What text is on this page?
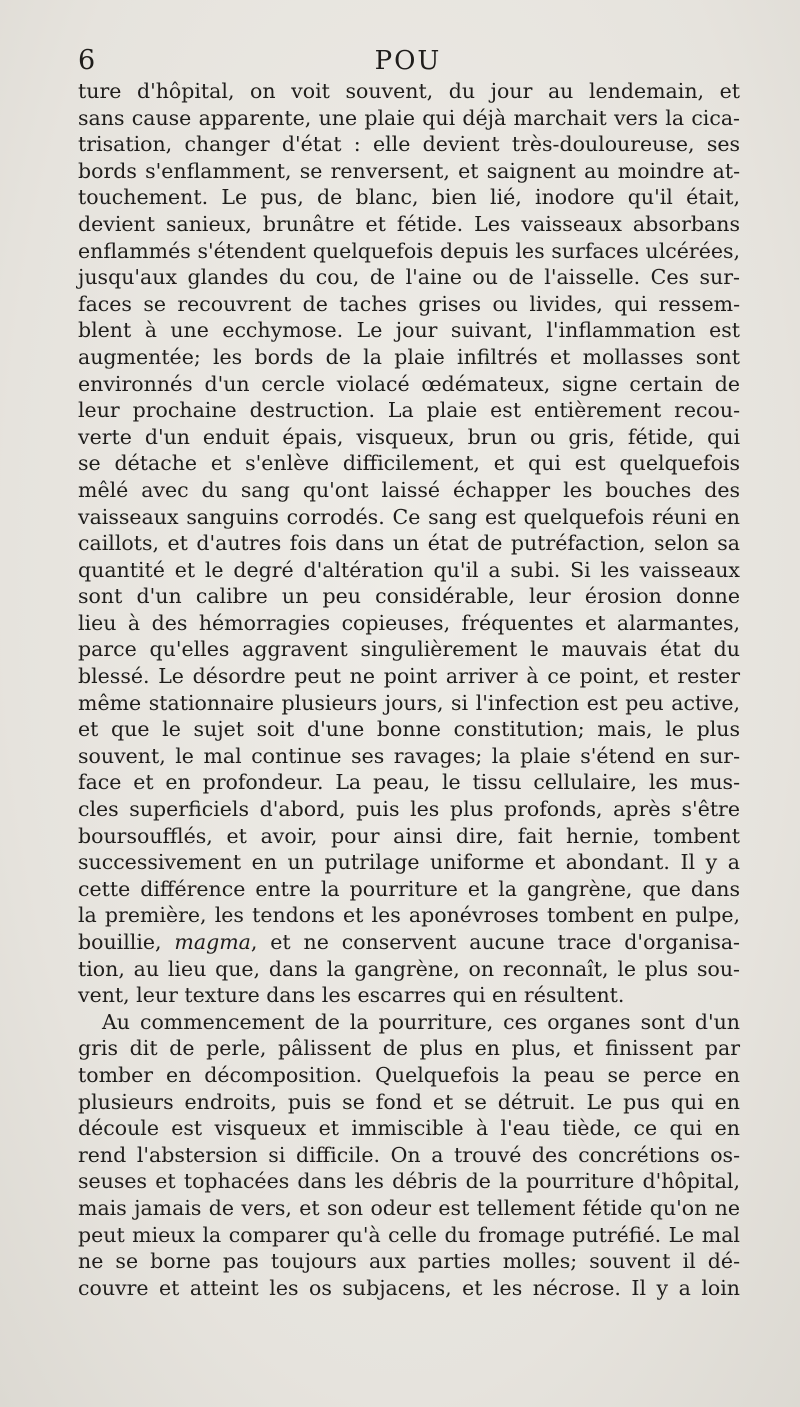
6	POU
ture d'hôpital, on voit souvent, du jour au lendemain, et
sans cause apparente, une plaie qui déjà marchait vers la cica-
trisation, changer d'état : elle devient très-douloureuse, ses
bords s'enflamment, se renversent, et saignent au moindre at-
touchement. Le pus, de blanc, bien lié, inodore qu'il était,
devient sanieux, brunâtre et fétide. Les vaisseaux absorbans
enflammés s'étendent quelquefois depuis les surfaces ulcérées,
jusqu'aux glandes du cou, de l'aine ou de l'aisselle. Ces sur-
faces se recouvrent de taches grises ou livides, qui ressem-
blent à une ecchymose. Le jour suivant, l'inflammation est
augmentée; les bords de la plaie infiltrés et mollasses sont
environnés d'un cercle violacé œdémateux, signe certain de
leur prochaine destruction. La plaie est entièrement recou-
verte d'un enduit épais, visqueux, brun ou gris, fétide, qui
se détache et s'enlève difficilement, et qui est quelquefois
mêlé avec du sang qu'ont laissé échapper les bouches des
vaisseaux sanguins corrodés. Ce sang est quelquefois réuni en
caillots, et d'autres fois dans un état de putréfaction, selon sa
quantité et le degré d'altération qu'il a subi. Si les vaisseaux
sont d'un calibre un peu considérable, leur érosion donne
lieu à des hémorragies copieuses, fréquentes et alarmantes,
parce qu'elles aggravent singulièrement le mauvais état du
blessé. Le désordre peut ne point arriver à ce point, et rester
même stationnaire plusieurs jours, si l'infection est peu active,
et que le sujet soit d'une bonne constitution; mais, le plus
souvent, le mal continue ses ravages; la plaie s'étend en sur-
face et en profondeur. La peau, le tissu cellulaire, les mus-
cles superficiels d'abord, puis les plus profonds, après s'être
boursoufflés, et avoir, pour ainsi dire, fait hernie, tombent
successivement en un putrilage uniforme et abondant. Il y a
cette différence entre la pourriture et la gangrène, que dans
la première, les tendons et les aponévroses tombent en pulpe,
bouillie, magma, et ne conservent aucune trace d'organisa-
tion, au lieu que, dans la gangrène, on reconnaît, le plus sou-
vent, leur texture dans les escarres qui en résultent.
Au commencement de la pourriture, ces organes sont d'un
gris dit de perle, pâlissent de plus en plus, et finissent par
tomber en décomposition. Quelquefois la peau se perce en
plusieurs endroits, puis se fond et se détruit. Le pus qui en
découle est visqueux et immiscible à l'eau tiède, ce qui en
rend l'abstersion si difficile. On a trouvé des concrétions os-
seuses et tophacées dans les débris de la pourriture d'hôpital,
mais jamais de vers, et son odeur est tellement fétide qu'on ne
peut mieux la comparer qu'à celle du fromage putréfié. Le mal
ne se borne pas toujours aux parties molles; souvent il dé-
couvre et atteint les os subjacens, et les nécrose. Il y a loin
